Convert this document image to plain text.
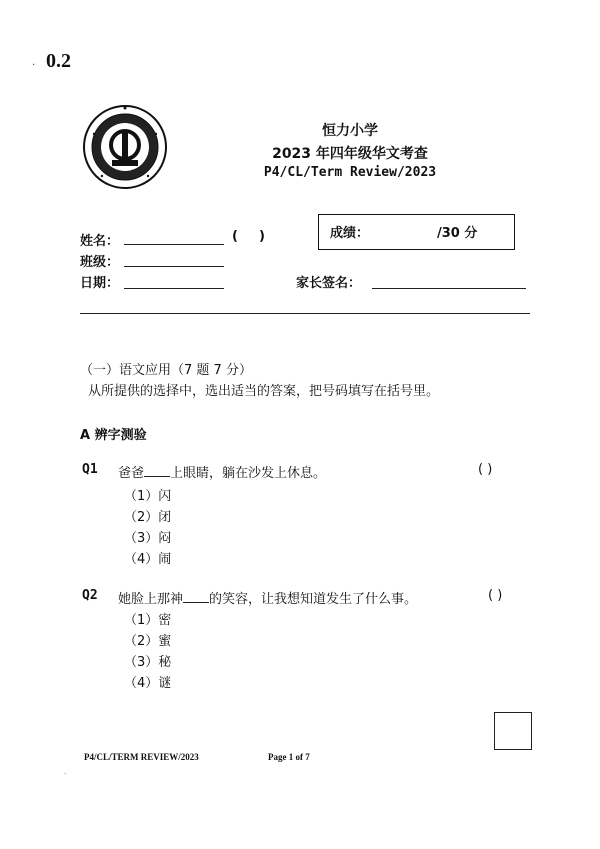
0.2
·
恒力小学
2023 年四年级华文考查
P4/CL/Term Review/2023
姓名：	( )
班级：
日期：	家长签名：
成绩：	/30 分
（一）语文应用（7 题 7 分）
从所提供的选择中，选出适当的答案，把号码填写在括号里。
A 辨字测验
Q1 爸爸 上眼睛，躺在沙发上休息。	( )
（1）闪
（2）闭
（3）闷
（4）闹
Q2 她脸上那神 的笑容，让我想知道发生了什么事。	( )
（1）密
（2）蜜
（3）秘
（4）谜
P4/CL/TERM REVIEW/2023	Page 1 of 7
·
